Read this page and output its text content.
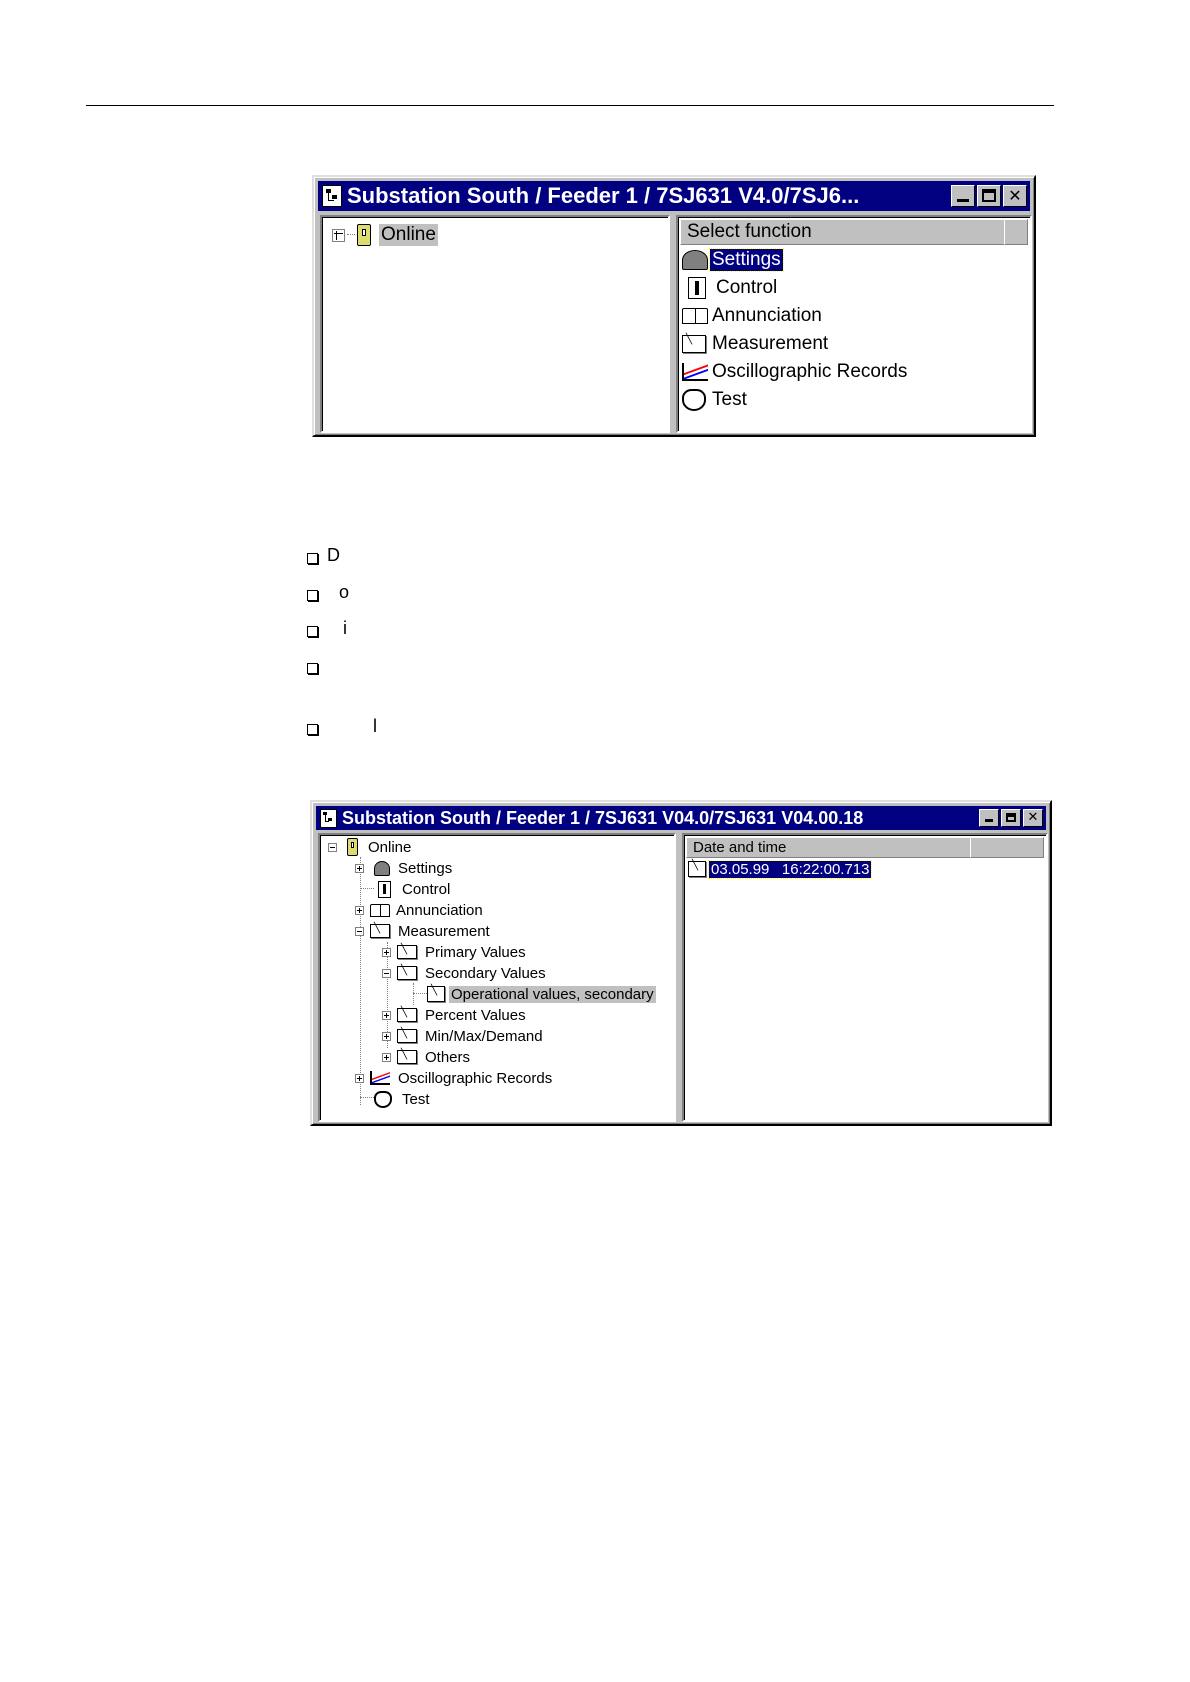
Substation South / Feeder 1 / 7SJ631 V4.0/7SJ6...	✕
Online	Select function
Settings
Control
Annunciation
╲
Measurement
Oscillographic Records
Test
D
o
i
l
Substation South / Feeder 1 / 7SJ631 V04.0/7SJ631 V04.00.18	✕
Online
Settings
Control
Annunciation
╲
Measurement
╲
Primary Values
╲
Secondary Values
╲
Operational values, secondary
╲
Percent Values
╲
Min/Max/Demand
╲
Others
Oscillographic Records
Test
Date and time
╲
03.05.99   16:22:00.713
